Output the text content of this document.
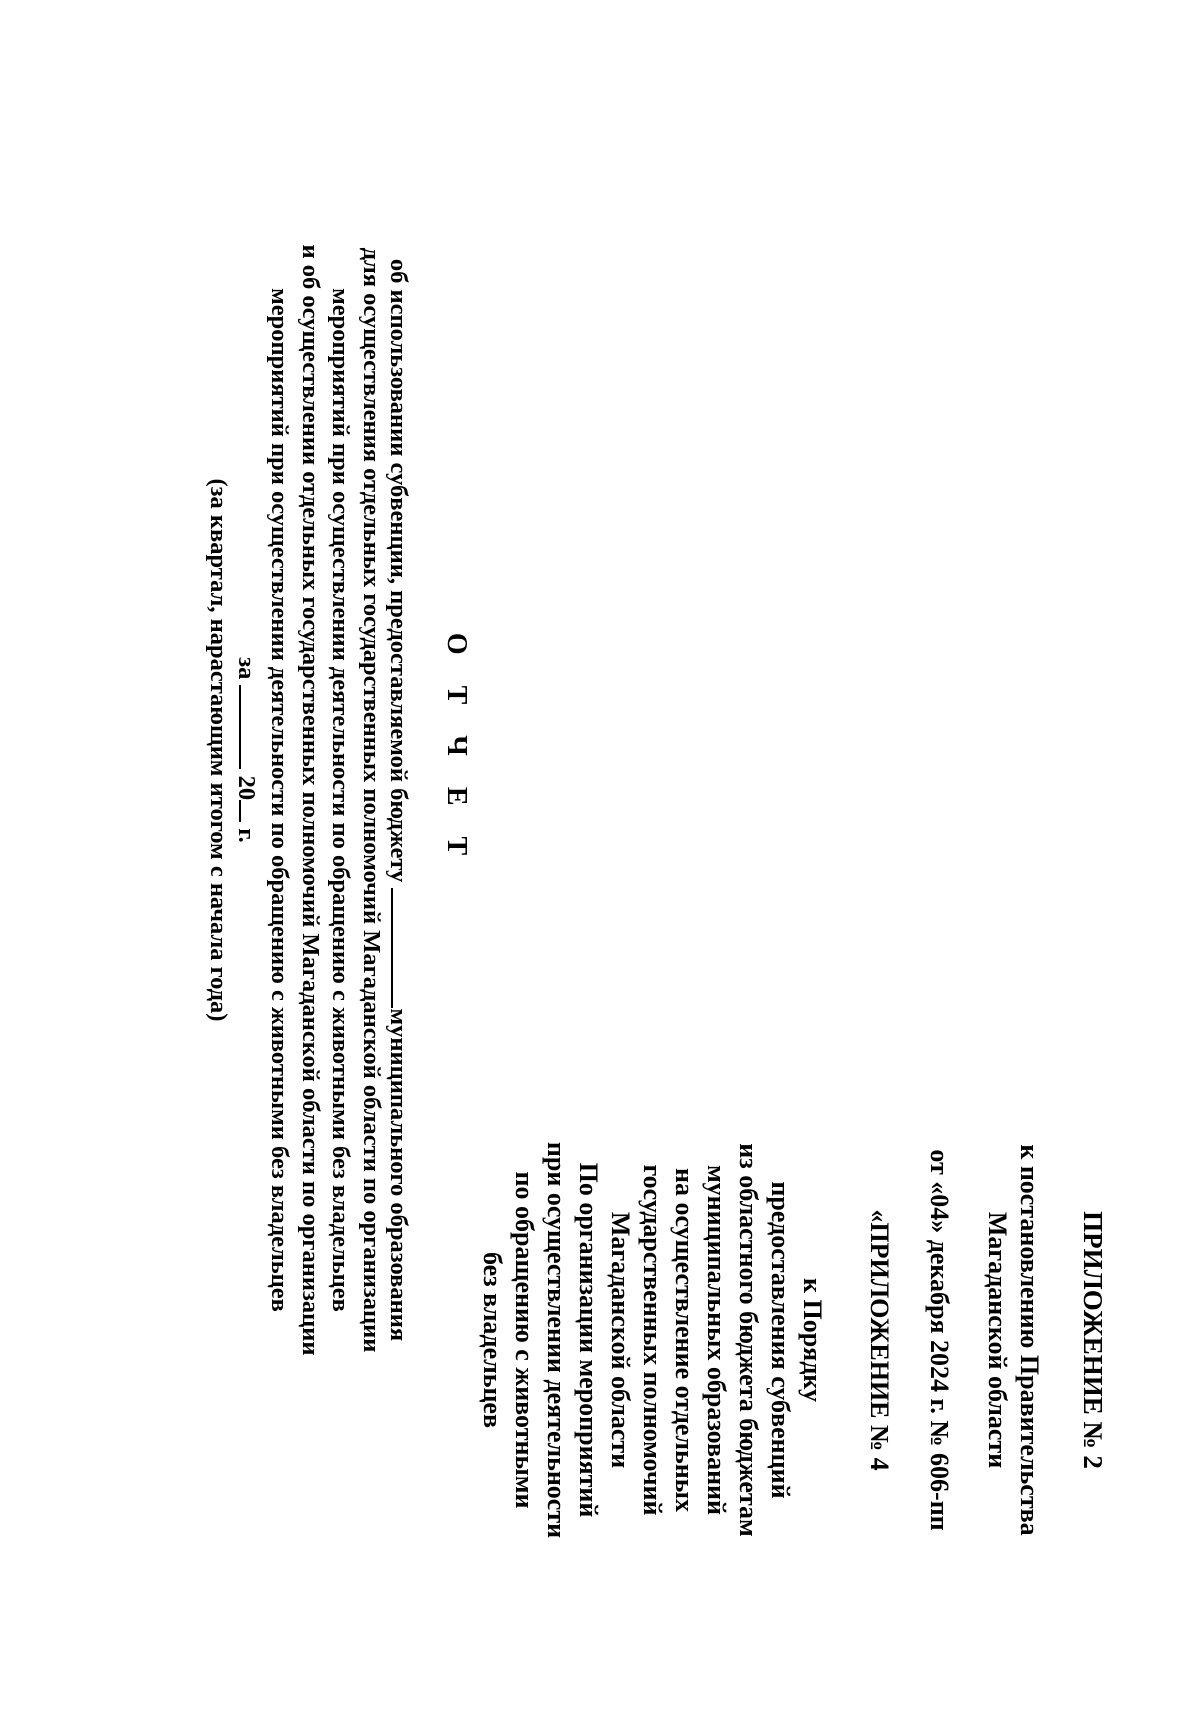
ПРИЛОЖЕНИЕ № 2
к постановлению Правительства
Магаданской области
от «04» декабря 2024 г. № 606-пп
«ПРИЛОЖЕНИЕ № 4
к Порядку
предоставления субвенций
из областного бюджета бюджетам
муниципальных образований
на осуществление отдельных
государственных полномочий
Магаданской области
По организации мероприятий
при осуществлении деятельности
по обращению с животными
без владельцев
О Т Ч Е Т
об использовании субвенции, предоставляемой бюджету муниципального образования
для осуществления отдельных государственных полномочий Магаданской области по организации
мероприятий при осуществлении деятельности по обращению с животными без владельцев
и об осуществлении отдельных государственных полномочий Магаданской области по организации
мероприятий при осуществлении деятельности по обращению с животными без владельцев
за  20 г.
(за квартал, нарастающим итогом с начала года)
